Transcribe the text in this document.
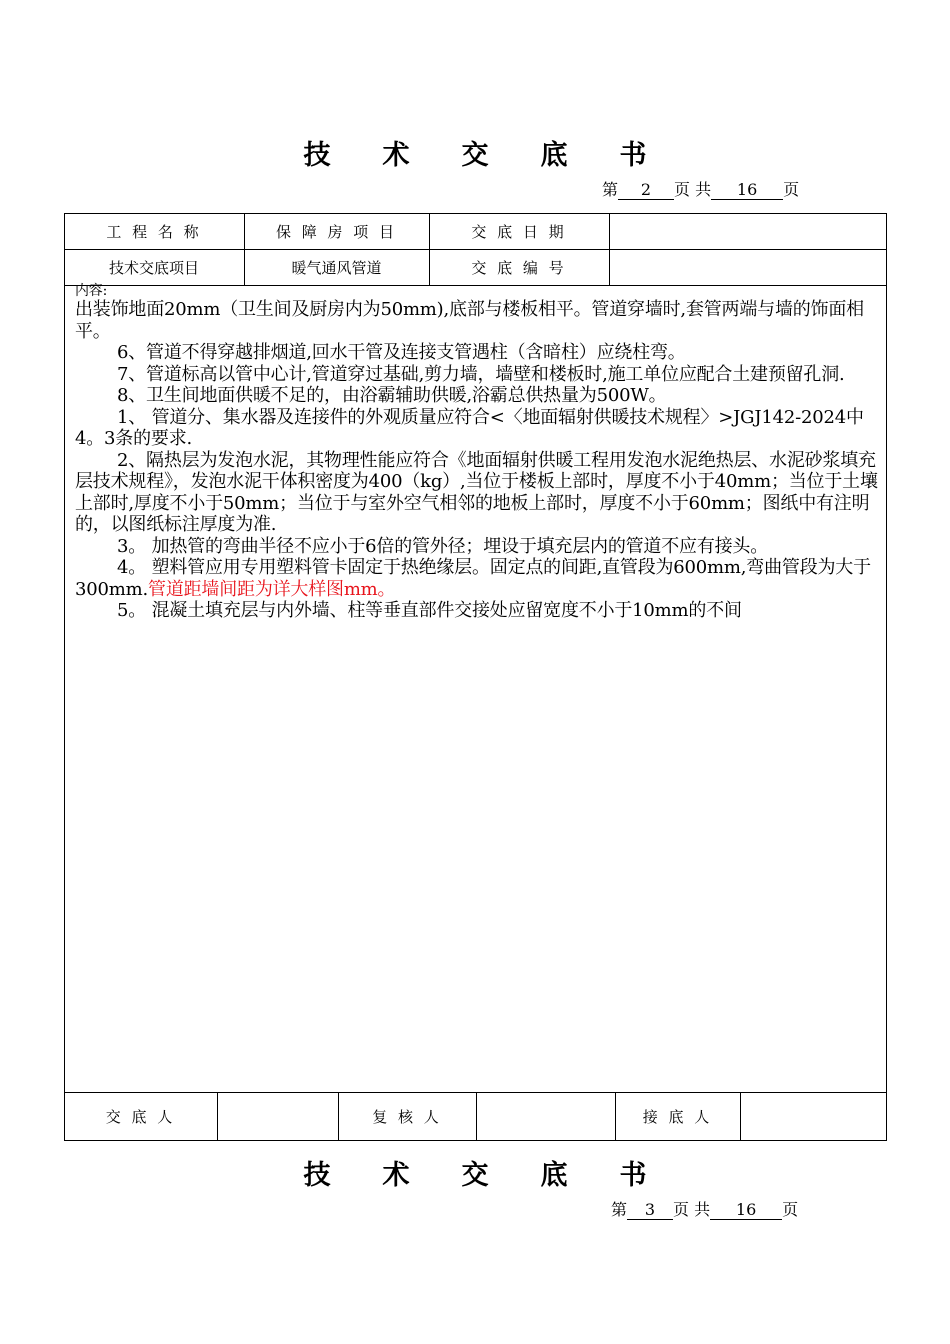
技 术 交 底 书
第 2 页 共 16 页
工 程 名 称	保 障 房 项 目	交 底 日 期
技术交底项目	暖气通风管道	交 底 编 号
内容:

出装饰地面20mm（卫生间及厨房内为50mm),底部与楼板相平。管道穿墙时,套管两端与墙的饰面相平。

6、管道不得穿越排烟道,回水干管及连接支管遇柱（含暗柱）应绕柱弯。

7、管道标高以管中心计,管道穿过基础,剪力墙，墙壁和楼板时,施工单位应配合土建预留孔洞.

8、卫生间地面供暖不足的，由浴霸辅助供暖,浴霸总供热量为500W。

1、 管道分、集水器及连接件的外观质量应符合<〈地面辐射供暖技术规程〉>JGJ142-2024中4。3条的要求.

2、隔热层为发泡水泥，其物理性能应符合《地面辐射供暖工程用发泡水泥绝热层、水泥砂浆填充层技术规程》，发泡水泥干体积密度为400（kg）,当位于楼板上部时，厚度不小于40mm；当位于土壤上部时,厚度不小于50mm；当位于与室外空气相邻的地板上部时，厚度不小于60mm；图纸中有注明的，以图纸标注厚度为准.

3。 加热管的弯曲半径不应小于6倍的管外径；埋设于填充层内的管道不应有接头。

4。 塑料管应用专用塑料管卡固定于热绝缘层。固定点的间距,直管段为600mm,弯曲管段为大于300mm.管道距墙间距为详大样图mm。

5。 混凝土填充层与内外墙、柱等垂直部件交接处应留宽度不小于10mm的不间

交 底 人	复 核 人	接 底 人
技 术 交 底 书
第 3 页 共 16 页
